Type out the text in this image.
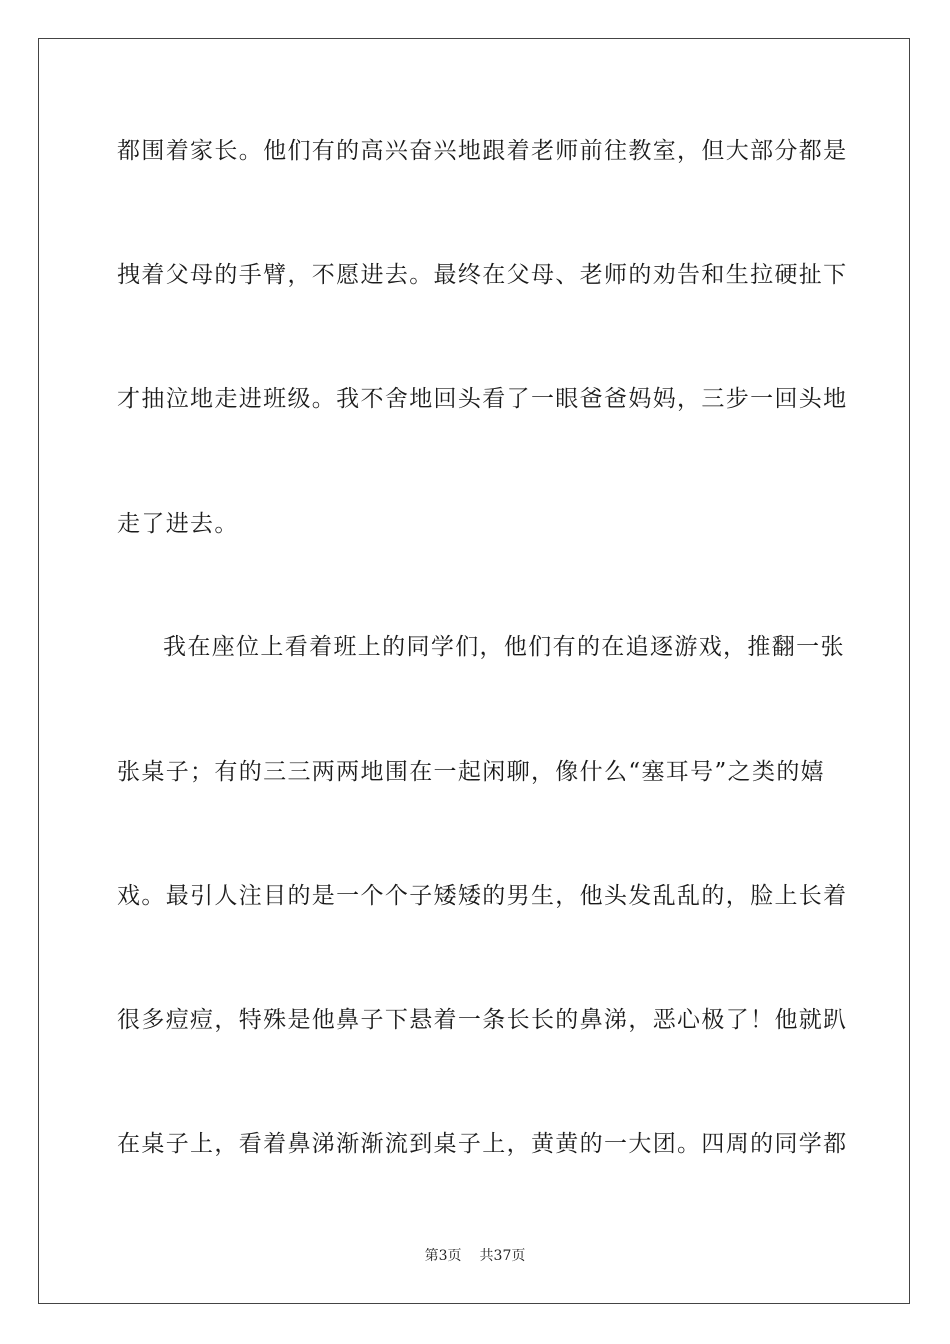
都围着家长。他们有的高兴奋兴地跟着老师前往教室，但大部分都是
拽着父母的手臂，不愿进去。最终在父母、老师的劝告和生拉硬扯下
才抽泣地走进班级。我不舍地回头看了一眼爸爸妈妈，三步一回头地
走了进去。
我在座位上看着班上的同学们，他们有的在追逐游戏，推翻一张
张桌子；有的三三两两地围在一起闲聊，像什么“塞耳号”之类的嬉
戏。最引人注目的是一个个子矮矮的男生，他头发乱乱的，脸上长着
很多痘痘，特殊是他鼻子下悬着一条长长的鼻涕，恶心极了！他就趴
在桌子上，看着鼻涕渐渐流到桌子上，黄黄的一大团。四周的同学都
第3页 共37页
